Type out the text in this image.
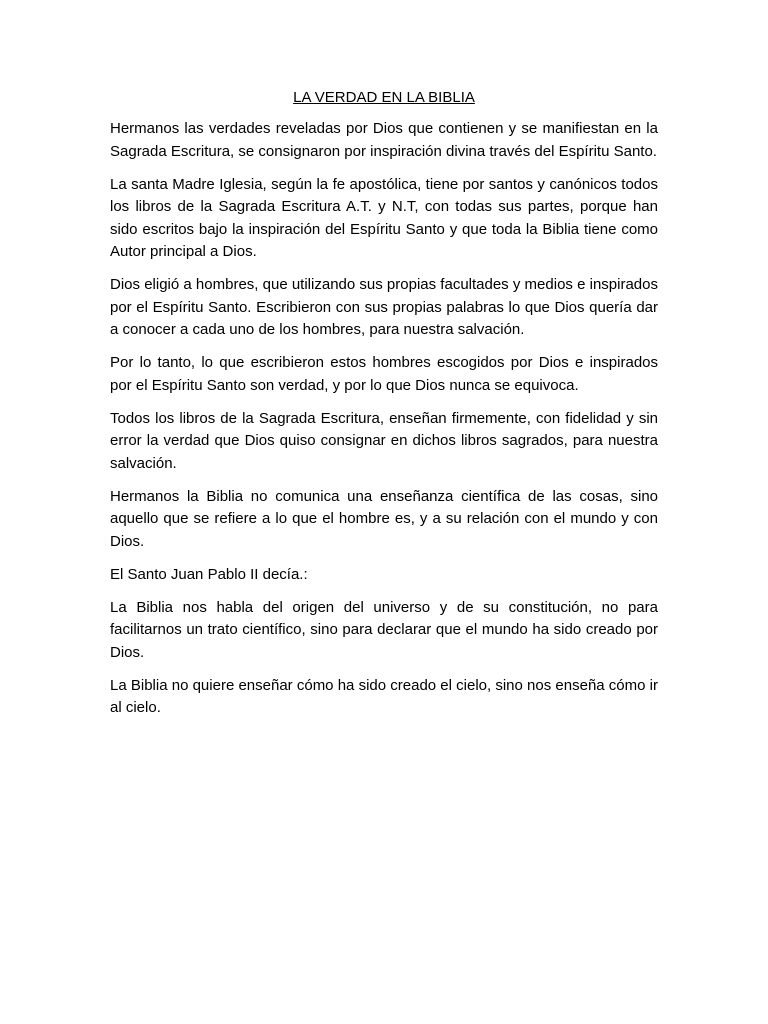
LA VERDAD EN LA BIBLIA

Hermanos las verdades reveladas por Dios que contienen y se manifiestan en la Sagrada Escritura, se consignaron por inspiración divina través del Espíritu Santo.

La santa Madre Iglesia, según la fe apostólica, tiene por santos y canónicos todos los libros de la Sagrada Escritura A.T. y N.T, con todas sus partes, porque han sido escritos bajo la inspiración del Espíritu Santo y que toda la Biblia tiene como Autor principal a Dios.

Dios eligió a hombres, que utilizando sus propias facultades y medios e inspirados por el Espíritu Santo. Escribieron con sus propias palabras lo que Dios quería dar a conocer a cada uno de los hombres, para nuestra salvación.

Por lo tanto, lo que escribieron estos hombres escogidos por Dios e inspirados por el Espíritu Santo son verdad, y por lo que Dios nunca se equivoca.

Todos los libros de la Sagrada Escritura, enseñan firmemente, con fidelidad y sin error la verdad que Dios quiso consignar en dichos libros sagrados, para nuestra salvación.

Hermanos la Biblia no comunica una enseñanza científica de las cosas, sino aquello que se refiere a lo que el hombre es, y a su relación con el mundo y con Dios.

El Santo Juan Pablo II decía.:

La Biblia nos habla del origen del universo y de su constitución, no para facilitarnos un trato científico, sino para declarar que el mundo ha sido creado por Dios.

La Biblia no quiere enseñar cómo ha sido creado el cielo, sino nos enseña cómo ir al cielo.
